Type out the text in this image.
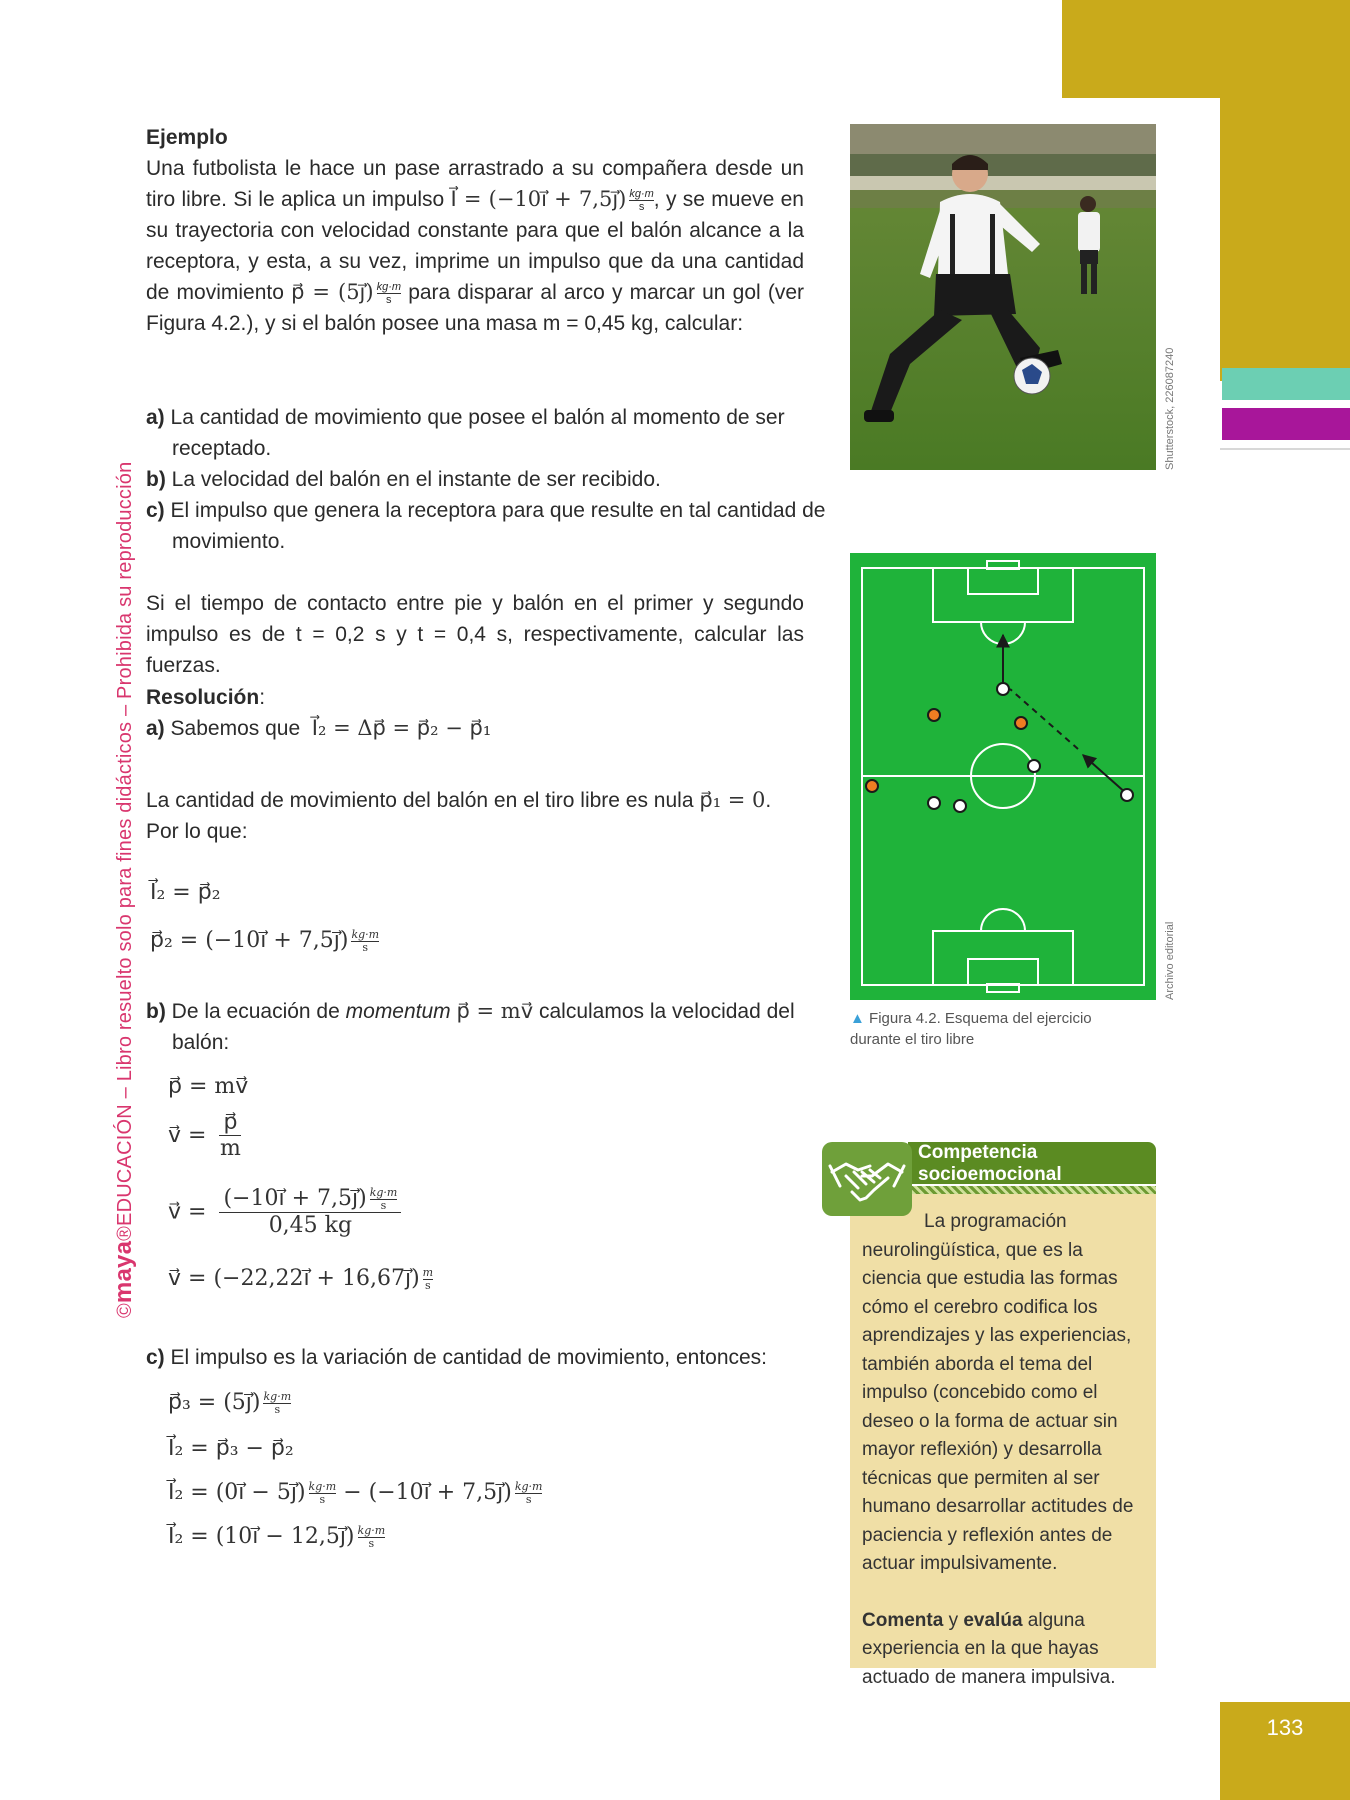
133
©maya®EDUCACIÓN – Libro resuelto solo para fines didácticos – Prohibida su reproducción
Ejemplo
Una futbolista le hace un pase arrastrado a su compañera desde un tiro libre. Si le aplica un impulso I⃗ = (−10i⃗ + 7,5j⃗) $\frac{kg\cdot m}{s}$ , y se mueve en su trayectoria con velocidad constante para que el balón alcance a la receptora, y esta, a su vez, imprime un impulso que da una cantidad de movimiento p⃗ = (5j⃗) $\frac{kg\cdot m}{s}$ para disparar al arco y marcar un gol (ver Figura 4.2.), y si el balón posee una masa m = 0,45 kg, calcular:
a) La cantidad de movimiento que posee el balón al momento de ser receptado.
b) La velocidad del balón en el instante de ser recibido.
c) El impulso que genera la receptora para que resulte en tal cantidad de movimiento.
Si el tiempo de contacto entre pie y balón en el primer y segundo impulso es de t = 0,2 s y t = 0,4 s, respectivamente, calcular las fuerzas.
Resolución:
a) Sabemos que I⃗₂ = Δp⃗ = p⃗₂ − p⃗₁
La cantidad de movimiento del balón en el tiro libre es nula p⃗₁ = 0.
Por lo que:
I⃗₂ = p⃗₂
p⃗₂ = (−10i⃗ + 7,5j⃗) $\frac{kg\cdot m}{s}$
b) De la ecuación de momentum p⃗ = mv⃗ calculamos la velocidad del balón:
p⃗ = mv⃗
v⃗ = $\frac{p⃗}{m}$
v⃗ = $\frac{(-10i⃗ + 7,5j⃗) \frac{kg\cdot m}{s}}{0,45 kg}$
v⃗ = (−22,22i⃗ + 16,67j⃗) $\frac{m}{s}$
c) El impulso es la variación de cantidad de movimiento, entonces:
p⃗₃ = (5j⃗) $\frac{kg\cdot m}{s}$
I⃗₂ = p⃗₃ − p⃗₂
I⃗₂ = (0i⃗ − 5j⃗) $\frac{kg\cdot m}{s}$ − (−10i⃗ + 7,5j⃗) $\frac{kg\cdot m}{s}$
I⃗₂ = (10i⃗ − 12,5j⃗) $\frac{kg\cdot m}{s}$
Shutterstock, 226087240
Archivo editorial
▲ Figura 4.2. Esquema del ejercicio durante el tiro libre
Competencia
socioemocional
La programación neurolingüística, que es la ciencia que estudia las formas cómo el cerebro codifica los aprendizajes y las experiencias, también aborda el tema del impulso (concebido como el deseo o la forma de actuar sin mayor reflexión) y desarrolla técnicas que permiten al ser humano desarrollar actitudes de paciencia y reflexión antes de actuar impulsivamente.
Comenta y evalúa alguna experiencia en la que hayas actuado de manera impulsiva.
